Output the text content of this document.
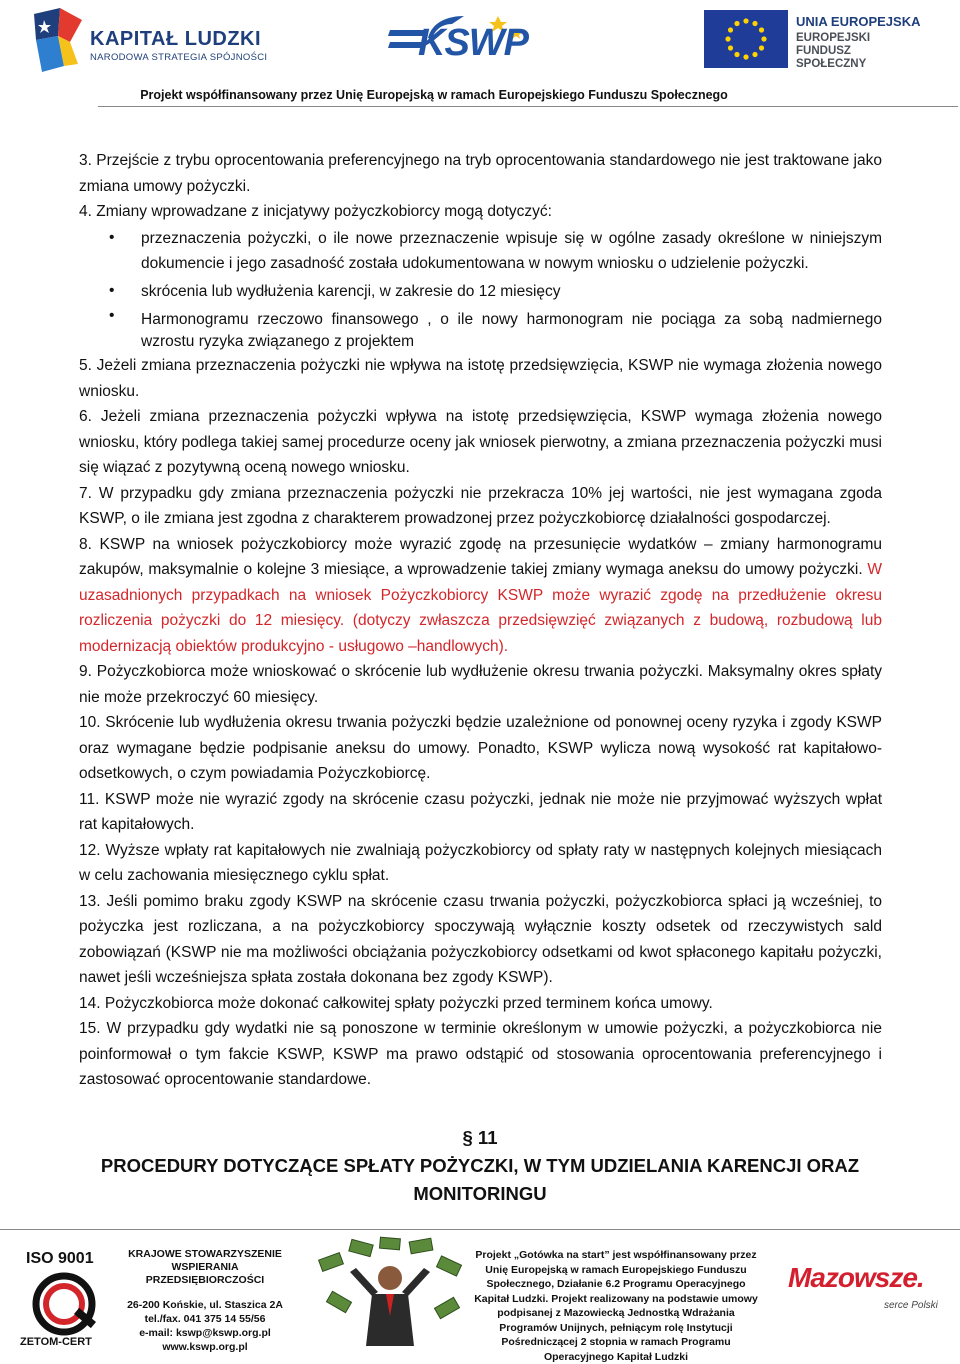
KAPITAŁ LUDZKI
NARODOWA STRATEGIA SPÓJNOŚCI	KSWP
UNIA EUROPEJSKA
EUROPEJSKI FUNDUSZ SPOŁECZNY
Projekt współfinansowany przez Unię Europejską w ramach Europejskiego Funduszu Społecznego

3. Przejście z trybu oprocentowania preferencyjnego na tryb oprocentowania standardowego nie jest traktowane jako zmiana umowy pożyczki.

4. Zmiany wprowadzane z inicjatywy pożyczkobiorcy mogą dotyczyć:

• przeznaczenia pożyczki, o ile nowe przeznaczenie wpisuje się w ogólne zasady określone w niniejszym dokumencie i jego zasadność została udokumentowana w nowym wniosku o udzielenie pożyczki.
• skrócenia lub wydłużenia karencji, w zakresie do 12 miesięcy
• Harmonogramu rzeczowo finansowego , o ile nowy harmonogram nie pociąga za sobą nadmiernego wzrostu ryzyka związanego z projektem

5. Jeżeli zmiana przeznaczenia pożyczki nie wpływa na istotę przedsięwzięcia, KSWP nie wymaga złożenia nowego wniosku.

6. Jeżeli zmiana przeznaczenia pożyczki wpływa na istotę przedsięwzięcia, KSWP wymaga złożenia nowego wniosku, który podlega takiej samej procedurze oceny jak wniosek pierwotny, a zmiana przeznaczenia pożyczki musi się wiązać z pozytywną oceną nowego wniosku.

7. W przypadku gdy zmiana przeznaczenia pożyczki nie przekracza 10% jej wartości, nie jest wymagana zgoda KSWP, o ile zmiana jest zgodna z charakterem prowadzonej przez pożyczkobiorcę działalności gospodarczej.

8. KSWP na wniosek pożyczkobiorcy może wyrazić zgodę na przesunięcie wydatków – zmiany harmonogramu zakupów, maksymalnie o kolejne 3 miesiące, a wprowadzenie takiej zmiany wymaga aneksu do umowy pożyczki. W uzasadnionych przypadkach na wniosek Pożyczkobiorcy KSWP może wyrazić zgodę na przedłużenie okresu rozliczenia pożyczki do 12 miesięcy. (dotyczy zwłaszcza przedsięwzięć związanych z budową, rozbudową lub modernizacją obiektów produkcyjno - usługowo –handlowych).

9. Pożyczkobiorca może wnioskować o skrócenie lub wydłużenie okresu trwania pożyczki. Maksymalny okres spłaty nie może przekroczyć 60 miesięcy.

10. Skrócenie lub wydłużenia okresu trwania pożyczki będzie uzależnione od ponownej oceny ryzyka i zgody KSWP oraz wymagane będzie podpisanie aneksu do umowy. Ponadto, KSWP wylicza nową wysokość rat kapitałowo-odsetkowych, o czym powiadamia Pożyczkobiorcę.

11. KSWP może nie wyrazić zgody na skrócenie czasu pożyczki, jednak nie może nie przyjmować wyższych wpłat rat kapitałowych.

12. Wyższe wpłaty rat kapitałowych nie zwalniają pożyczkobiorcy od spłaty raty w następnych kolejnych miesiącach w celu zachowania miesięcznego cyklu spłat.

13. Jeśli pomimo braku zgody KSWP na skrócenie czasu trwania pożyczki, pożyczkobiorca spłaci ją wcześniej, to pożyczka jest rozliczana, a na pożyczkobiorcy spoczywają wyłącznie koszty odsetek od rzeczywistych sald zobowiązań (KSWP nie ma możliwości obciążania pożyczkobiorcy odsetkami od kwot spłaconego kapitału pożyczki, nawet jeśli wcześniejsza spłata została dokonana bez zgody KSWP).

14. Pożyczkobiorca może dokonać całkowitej spłaty pożyczki przed terminem końca umowy.

15. W przypadku gdy wydatki nie są ponoszone w terminie określonym w umowie pożyczki, a pożyczkobiorca nie poinformował o tym fakcie KSWP, KSWP ma prawo odstąpić od stosowania oprocentowania preferencyjnego i zastosować oprocentowanie standardowe.

§ 11
PROCEDURY DOTYCZĄCE SPŁATY POŻYCZKI, W TYM UDZIELANIA KARENCJI ORAZ MONITORINGU
ISO 9001
ZETOM-CERT
KRAJOWE STOWARZYSZENIE
WSPIERANIA
PRZEDSIĘBIORCZOŚCI
26-200 Końskie, ul. Staszica 2A
tel./fax. 041 375 14 55/56
e-mail: kswp@kswp.org.pl
www.kswp.org.pl
Projekt „Gotówka na start” jest współfinansowany przez
Unię Europejską w ramach Europejskiego Funduszu
Społecznego, Działanie 6.2 Programu Operacyjnego
Kapitał Ludzki. Projekt realizowany na podstawie umowy
podpisanej z Mazowiecką Jednostką Wdrażania
Programów Unijnych, pełniącym rolę Instytucji
Pośredniczącej 2 stopnia w ramach Programu
Operacyjnego Kapitał Ludzki
Mazowsze.
serce Polski
